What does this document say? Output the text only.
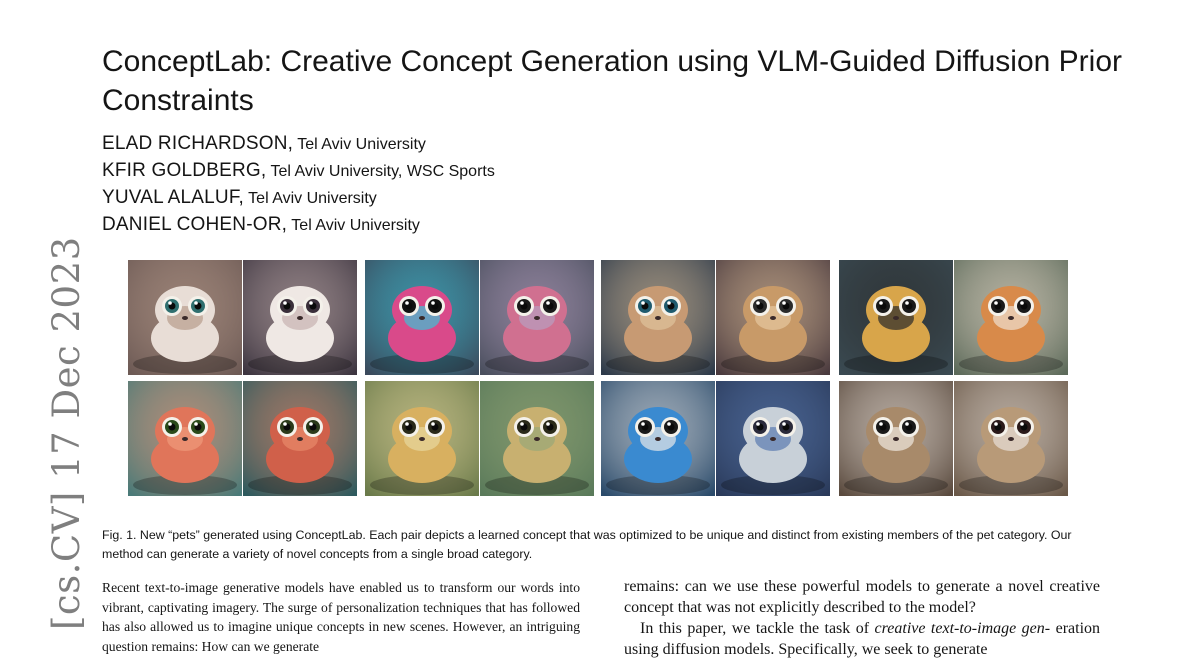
[cs.CV] 17 Dec 2023
ConceptLab: Creative Concept Generation using VLM-Guided Diffusion Prior Constraints
ELAD RICHARDSON, Tel Aviv University
KFIR GOLDBERG, Tel Aviv University, WSC Sports
YUVAL ALALUF, Tel Aviv University
DANIEL COHEN-OR, Tel Aviv University

Fig. 1. New “pets” generated using ConceptLab. Each pair depicts a learned concept that was optimized to be unique and distinct from existing members of the pet category. Our method can generate a variety of novel concepts from a single broad category.

Recent text-to-image generative models have enabled us to transform our words into vibrant, captivating imagery. The surge of personalization techniques that has followed has also allowed us to imagine unique concepts in new scenes. However, an intriguing question remains: How can we generate

remains: can we use these powerful models to generate a novel creative concept that was not explicitly described to the model?

In this paper, we tackle the task of creative text-to-image gen- eration using diffusion models. Specifically, we seek to generate
